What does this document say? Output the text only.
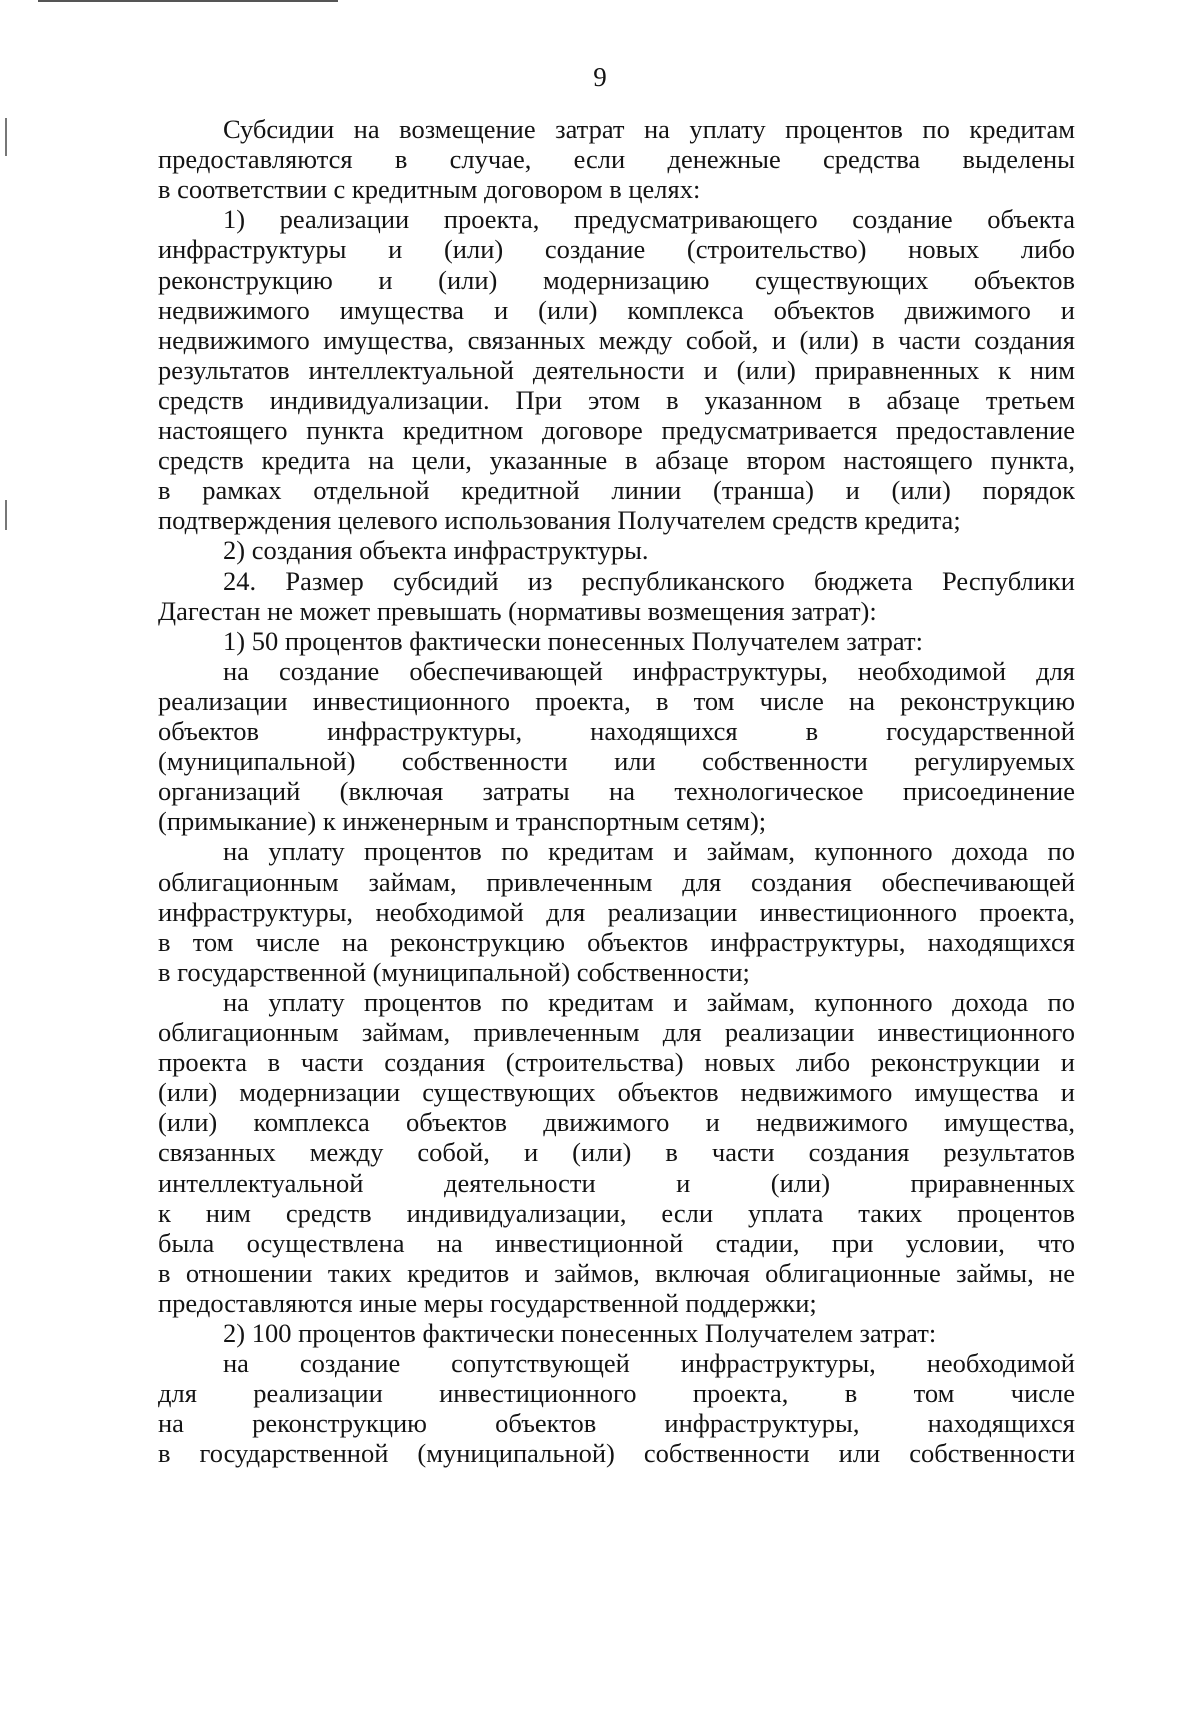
9
Субсидии на возмещение затрат на уплату процентов по кредитам
предоставляются в случае, если денежные средства выделены
в соответствии с кредитным договором в целях:
1) реализации проекта, предусматривающего создание объекта
инфраструктуры и (или) создание (строительство) новых либо
реконструкцию и (или) модернизацию существующих объектов
недвижимого имущества и (или) комплекса объектов движимого и
недвижимого имущества, связанных между собой, и (или) в части создания
результатов интеллектуальной деятельности и (или) приравненных к ним
средств индивидуализации. При этом в указанном в абзаце третьем
настоящего пункта кредитном договоре предусматривается предоставление
средств кредита на цели, указанные в абзаце втором настоящего пункта,
в рамках отдельной кредитной линии (транша) и (или) порядок
подтверждения целевого использования Получателем средств кредита;
2) создания объекта инфраструктуры.
24. Размер субсидий из республиканского бюджета Республики
Дагестан не может превышать (нормативы возмещения затрат):
1) 50 процентов фактически понесенных Получателем затрат:
на создание обеспечивающей инфраструктуры, необходимой для
реализации инвестиционного проекта, в том числе на реконструкцию
объектов инфраструктуры, находящихся в государственной
(муниципальной) собственности или собственности регулируемых
организаций (включая затраты на технологическое присоединение
(примыкание) к инженерным и транспортным сетям);
на уплату процентов по кредитам и займам, купонного дохода по
облигационным займам, привлеченным для создания обеспечивающей
инфраструктуры, необходимой для реализации инвестиционного проекта,
в том числе на реконструкцию объектов инфраструктуры, находящихся
в государственной (муниципальной) собственности;
на уплату процентов по кредитам и займам, купонного дохода по
облигационным займам, привлеченным для реализации инвестиционного
проекта в части создания (строительства) новых либо реконструкции и
(или) модернизации существующих объектов недвижимого имущества и
(или) комплекса объектов движимого и недвижимого имущества,
связанных между собой, и (или) в части создания результатов
интеллектуальной деятельности и (или) приравненных
к ним средств индивидуализации, если уплата таких процентов
была осуществлена на инвестиционной стадии, при условии, что
в отношении таких кредитов и займов, включая облигационные займы, не
предоставляются иные меры государственной поддержки;
2) 100 процентов фактически понесенных Получателем затрат:
на создание сопутствующей инфраструктуры, необходимой
для реализации инвестиционного проекта, в том числе
на реконструкцию объектов инфраструктуры, находящихся
в государственной (муниципальной) собственности или собственности
